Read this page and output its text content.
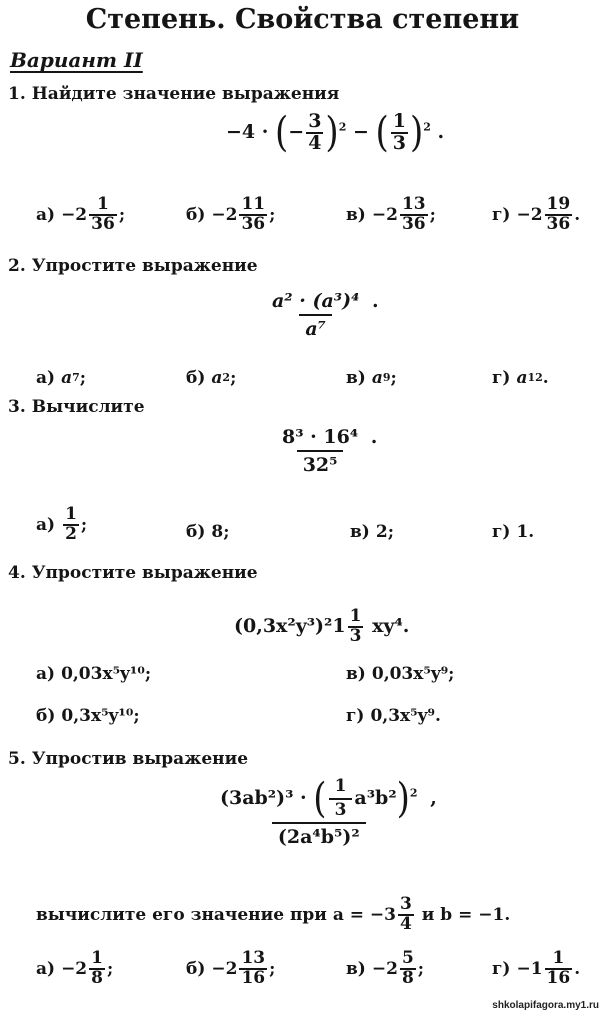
Степень. Свойства степени
Вариант II
1. Найдите значение выражения
−4 · (− $\frac{3}{4} )^2$ − ( $\frac{1}{3} )^2$ .
$а) -2 \frac{1}{36}$ ;	$б) -2 \frac{11}{36}$ ;	$в) -2 \frac{13}{36}$ ;	$г) -2 \frac{19}{36}$ .
2. Упростите выражение
$\frac{\text{a² · (a³)⁴}}{\text{a⁷}}$ .
а) a 7 ;	б) a 2 ;	в) a 9 ;	г) a 12 .
3. Вычислите
$\frac{\text{8³ · 16⁴}}{\text{32⁵}}$ .
$а) \frac{1}{2}$ ;	б) 8;	в) 2;	г) 1.
4. Упростите выражение
$(0,3x^2y^3)^21 \frac{1}{3} xy^4$.
а) 0,03x⁵y¹⁰;	в) 0,03x⁵y⁹;
б) 0,3x⁵y¹⁰;	г) 0,3x⁵y⁹.
5. Упростив выражение
$\frac{(3ab^2)^3 \cdot ( \frac{1}{3} a^3b^2)^2}{\text{(2a⁴b⁵)²}}$ ,
вычислите его значение при
$a = -3 \frac{3}{4}$
и
b = −1.
$а) -2 \frac{1}{8}$ ;	$б) -2 \frac{13}{16}$ ;	$в) -2 \frac{5}{8}$ ;	$г) -1 \frac{1}{16}$ .
shkolapifagora.my1.ru
